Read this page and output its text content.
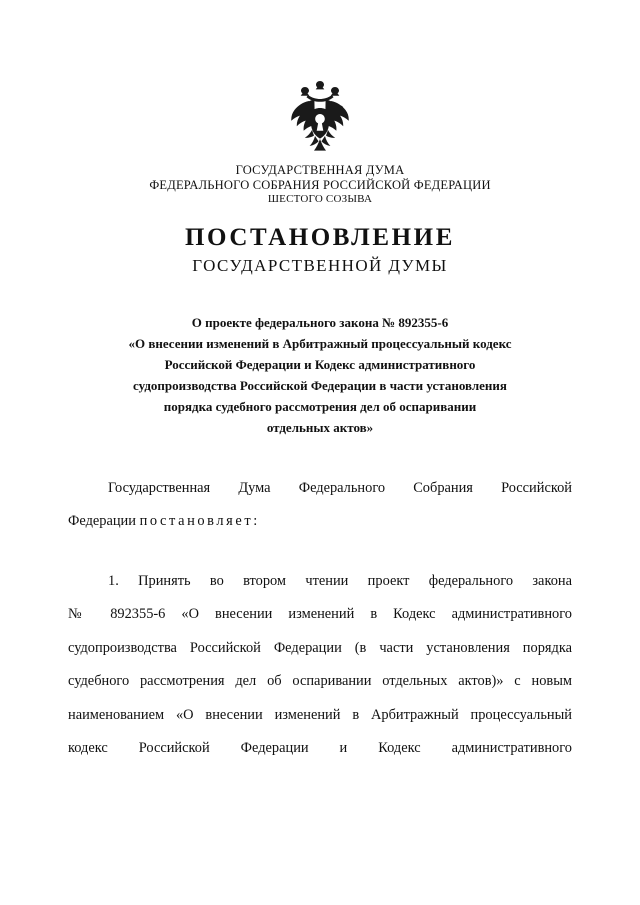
ГОСУДАРСТВЕННАЯ ДУМА
ФЕДЕРАЛЬНОГО СОБРАНИЯ РОССИЙСКОЙ ФЕДЕРАЦИИ
ШЕСТОГО СОЗЫВА
ПОСТАНОВЛЕНИЕ
ГОСУДАРСТВЕННОЙ ДУМЫ
О проекте федерального закона № 892355-6
«О внесении изменений в Арбитражный процессуальный кодекс
Российской Федерации и Кодекс административного
судопроизводства Российской Федерации в части установления
порядка судебного рассмотрения дел об оспаривании
отдельных актов»
Государственная Дума Федерального Собрания Российской
Федерации постановляет:
1. Принять во втором чтении проект федерального закона
№ 892355-6 «О внесении изменений в Кодекс административного
судопроизводства Российской Федерации (в части установления порядка
судебного рассмотрения дел об оспаривании отдельных актов)» с новым
наименованием «О внесении изменений в Арбитражный процессуальный
кодекс Российской Федерации и Кодекс административного
